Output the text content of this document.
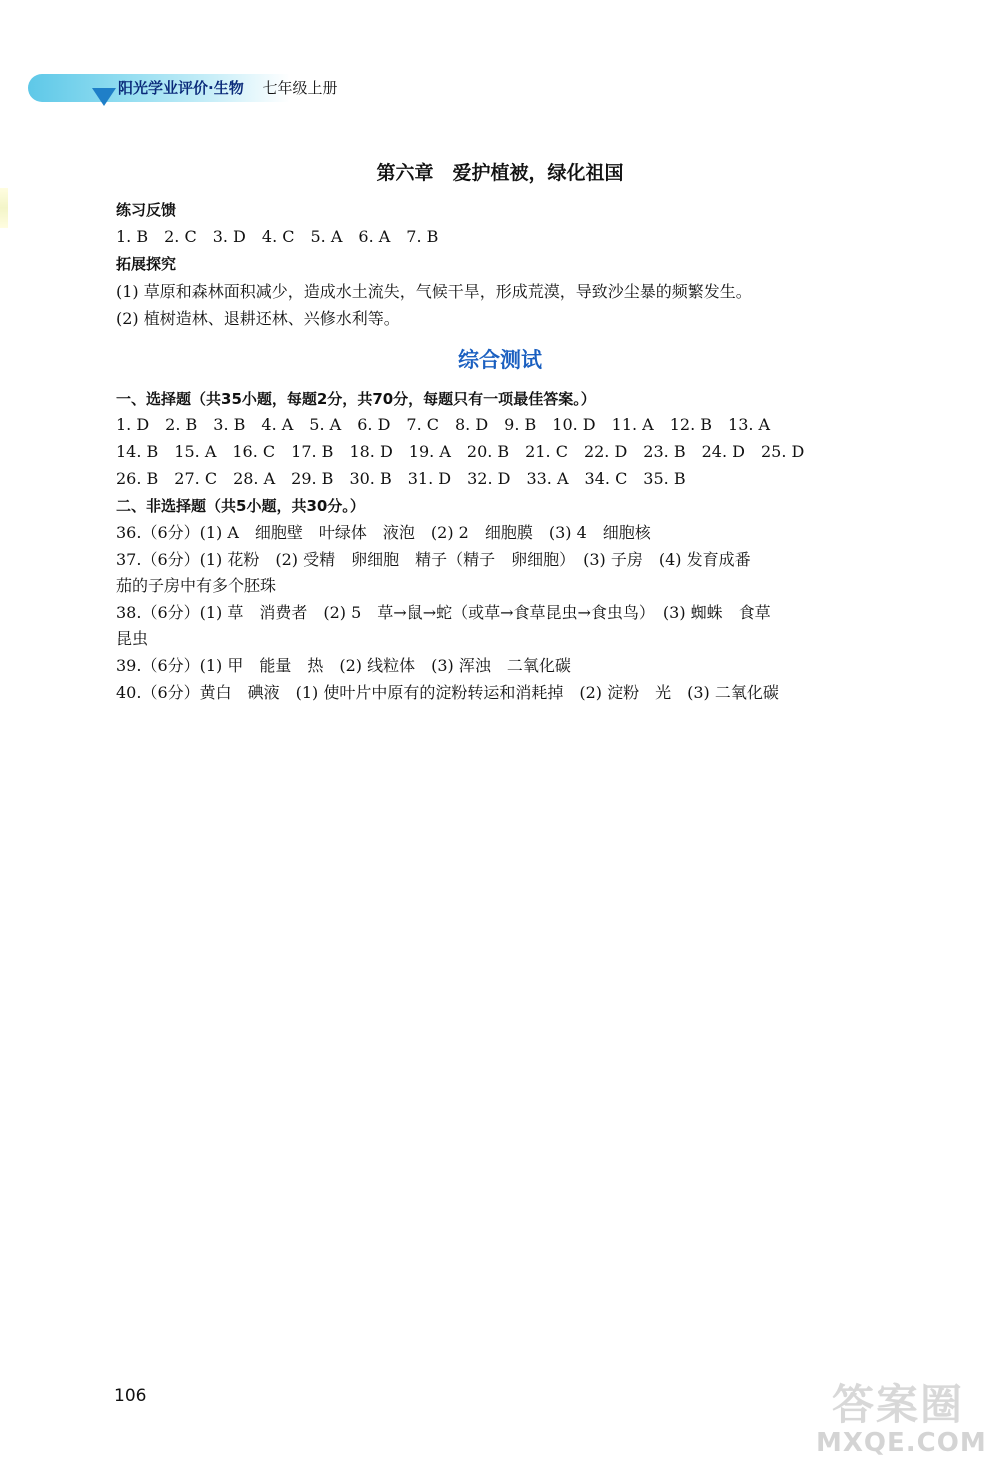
阳光学业评价·生物 七年级上册
第六章　爱护植被，绿化祖国
练习反馈
1. B　2. C　3. D　4. C　5. A　6. A　7. B
拓展探究
(1) 草原和森林面积减少，造成水土流失，气候干旱，形成荒漠，导致沙尘暴的频繁发生。
(2) 植树造林、退耕还林、兴修水利等。
综合测试
一、选择题（共35小题，每题2分，共70分，每题只有一项最佳答案。）
1. D　2. B　3. B　4. A　5. A　6. D　7. C　8. D　9. B　10. D　11. A　12. B　13. A
14. B　15. A　16. C　17. B　18. D　19. A　20. B　21. C　22. D　23. B　24. D　25. D
26. B　27. C　28. A　29. B　30. B　31. D　32. D　33. A　34. C　35. B
二、非选择题（共5小题，共30分。）
36.（6分）(1) A　细胞壁　叶绿体　液泡　(2) 2　细胞膜　(3) 4　细胞核
37.（6分）(1) 花粉　(2) 受精　卵细胞　精子（精子　卵细胞）　(3) 子房　(4) 发育成番
茄的子房中有多个胚珠
38.（6分）(1) 草　消费者　(2) 5　草→鼠→蛇（或草→食草昆虫→食虫鸟）　(3) 蜘蛛　食草
昆虫
39.（6分）(1) 甲　能量　热　(2) 线粒体　(3) 浑浊　二氧化碳
40.（6分）黄白　碘液　(1) 使叶片中原有的淀粉转运和消耗掉　(2) 淀粉　光　(3) 二氧化碳
106	答案圈
MXQE.COM
